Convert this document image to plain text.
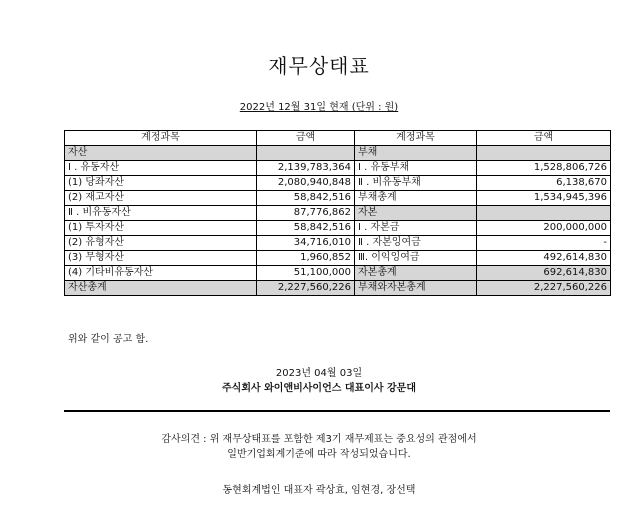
재무상태표
2022년 12월 31일 현재 (단위 : 원)
계정과목	금액	계정과목	금액
자산		부채	
Ⅰ . 유동자산	2,139,783,364	Ⅰ . 유동부채	1,528,806,726
(1) 당좌자산	2,080,940,848	Ⅱ . 비유동부채	6,138,670
(2) 재고자산	58,842,516	부채총계	1,534,945,396
Ⅱ . 비유동자산	87,776,862	자본	
(1) 투자자산	58,842,516	Ⅰ . 자본금	200,000,000
(2) 유형자산	34,716,010	Ⅱ . 자본잉여금	-
(3) 무형자산	1,960,852	Ⅲ. 이익잉여금	492,614,830
(4) 기타비유동자산	51,100,000	자본총계	692,614,830
자산총계	2,227,560,226	부채와자본총계	2,227,560,226
위와 같이 공고 함.
2023년 04월 03일
주식회사 와이앤비사이언스 대표이사 강문대
감사의견 : 위 재무상태표를 포함한 제3기 재무제표는 중요성의 관점에서
일반기업회계기준에 따라 작성되었습니다.
동현회계법인 대표자 곽상효, 임현경, 장선택
